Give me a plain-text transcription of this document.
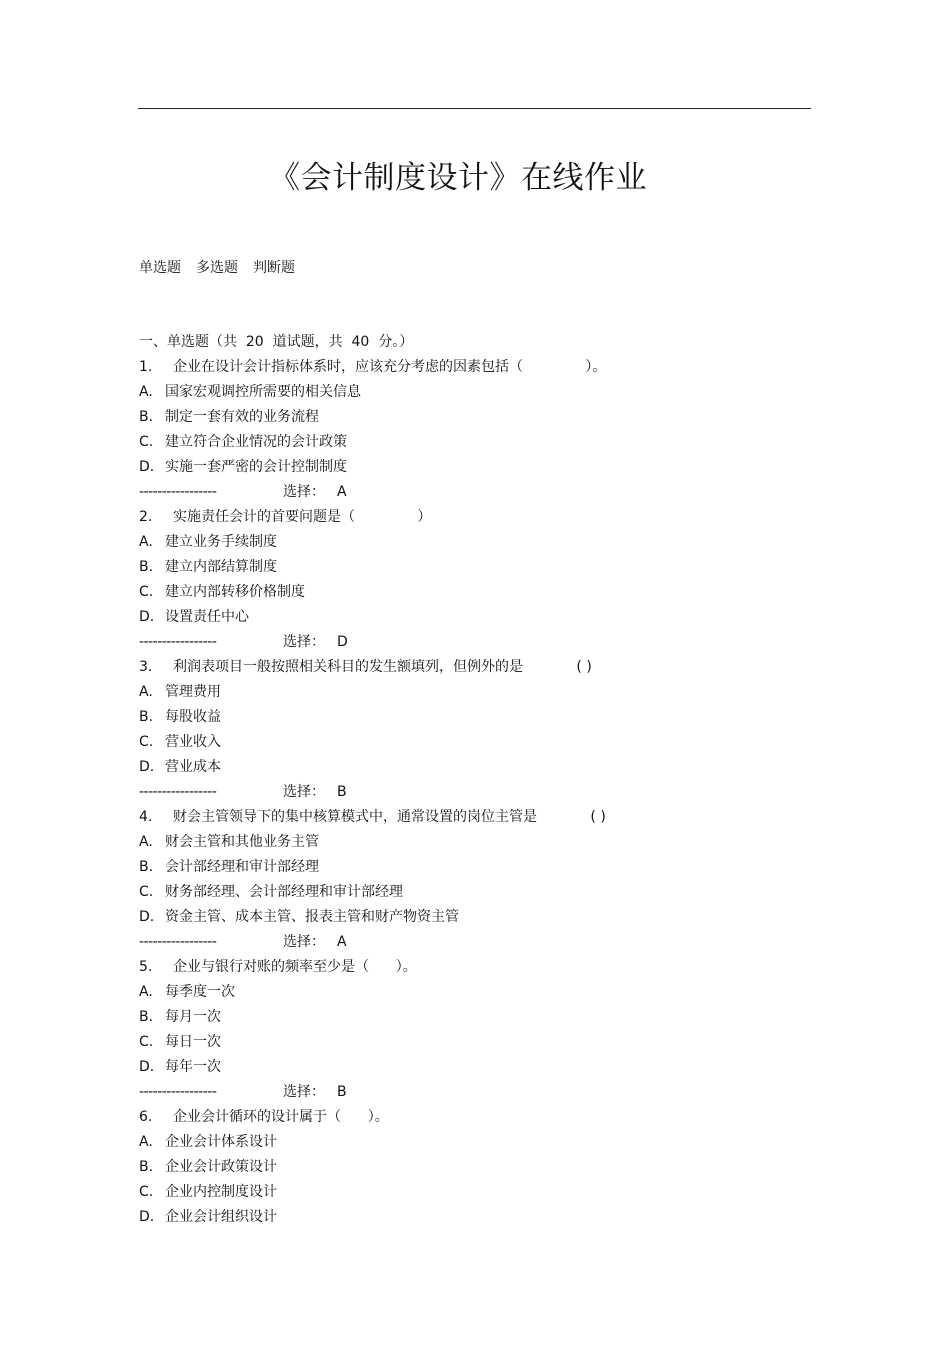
《会计制度设计》在线作业
单选题 多选题 判断题
一、单选题（共  20  道试题，共  40  分。）
1. 企业在设计会计指标体系时，应该充分考虑的因素包括（	）。
A. 国家宏观调控所需要的相关信息
B. 制定一套有效的业务流程
C. 建立符合企业情况的会计政策
D. 实施一套严密的会计控制制度
-----------------	选择： A
2. 实施责任会计的首要问题是（	）
A. 建立业务手续制度
B. 建立内部结算制度
C. 建立内部转移价格制度
D. 设置责任中心
-----------------	选择： D
3. 利润表项目一般按照相关科目的发生额填列，但例外的是	( )
A. 管理费用
B. 每股收益
C. 营业收入
D. 营业成本
-----------------	选择： B
4. 财会主管领导下的集中核算模式中，通常设置的岗位主管是	( )
A. 财会主管和其他业务主管
B. 会计部经理和审计部经理
C. 财务部经理、会计部经理和审计部经理
D. 资金主管、成本主管、报表主管和财产物资主管
-----------------	选择： A
5. 企业与银行对账的频率至少是（ ）。
A. 每季度一次
B. 每月一次
C. 每日一次
D. 每年一次
-----------------	选择： B
6. 企业会计循环的设计属于（ ）。
A. 企业会计体系设计
B. 企业会计政策设计
C. 企业内控制度设计
D. 企业会计组织设计
